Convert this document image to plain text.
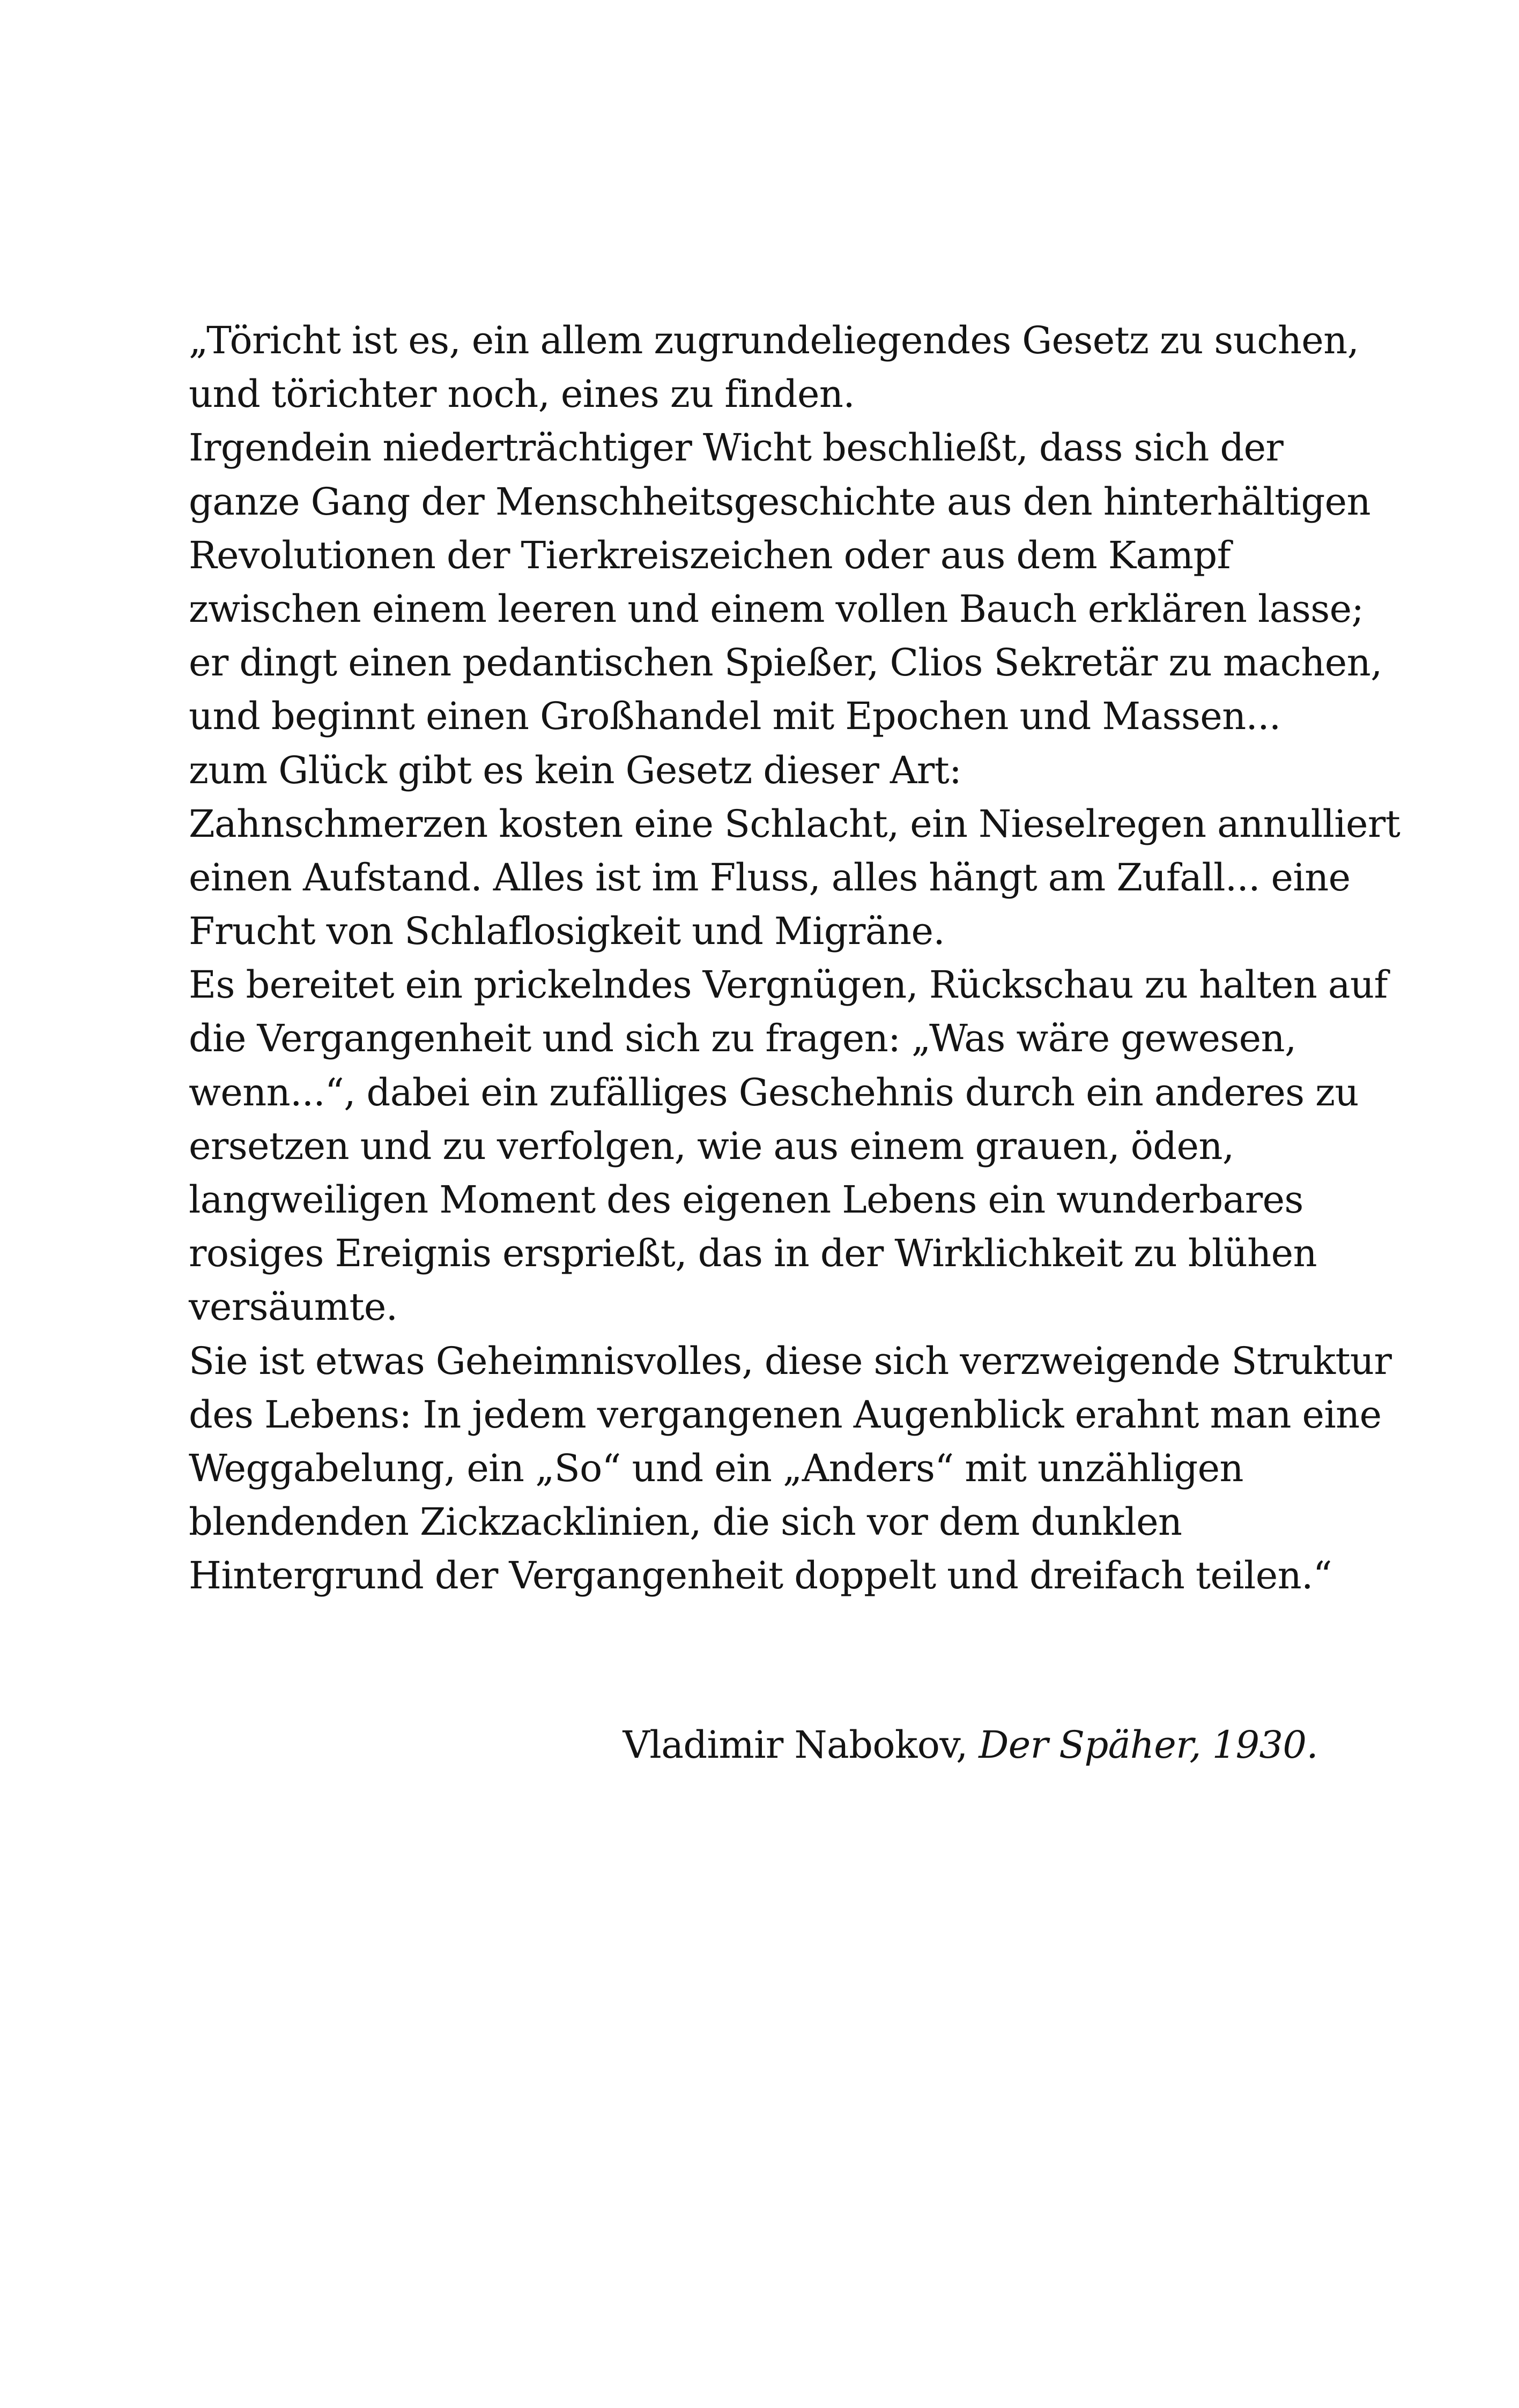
„Töricht ist es, ein allem zugrundeliegendes Gesetz zu suchen,
und törichter noch, eines zu finden.
Irgendein niederträchtiger Wicht beschließt, dass sich der
ganze Gang der Menschheitsgeschichte aus den hinterhältigen
Revolutionen der Tierkreiszeichen oder aus dem Kampf
zwischen einem leeren und einem vollen Bauch erklären lasse;
er dingt einen pedantischen Spießer, Clios Sekretär zu machen,
und beginnt einen Großhandel mit Epochen und Massen...
zum Glück gibt es kein Gesetz dieser Art:
Zahnschmerzen kosten eine Schlacht, ein Nieselregen annulliert
einen Aufstand. Alles ist im Fluss, alles hängt am Zufall... eine
Frucht von Schlaflosigkeit und Migräne.
Es bereitet ein prickelndes Vergnügen, Rückschau zu halten auf
die Vergangenheit und sich zu fragen: „Was wäre gewesen,
wenn...“, dabei ein zufälliges Geschehnis durch ein anderes zu
ersetzen und zu verfolgen, wie aus einem grauen, öden,
langweiligen Moment des eigenen Lebens ein wunderbares
rosiges Ereignis ersprießt, das in der Wirklichkeit zu blühen
versäumte.
Sie ist etwas Geheimnisvolles, diese sich verzweigende Struktur
des Lebens: In jedem vergangenen Augenblick erahnt man eine
Weggabelung, ein „So“ und ein „Anders“ mit unzähligen
blendenden Zickzacklinien, die sich vor dem dunklen
Hintergrund der Vergangenheit doppelt und dreifach teilen.“

Vladimir Nabokov, Der Späher, 1930.
